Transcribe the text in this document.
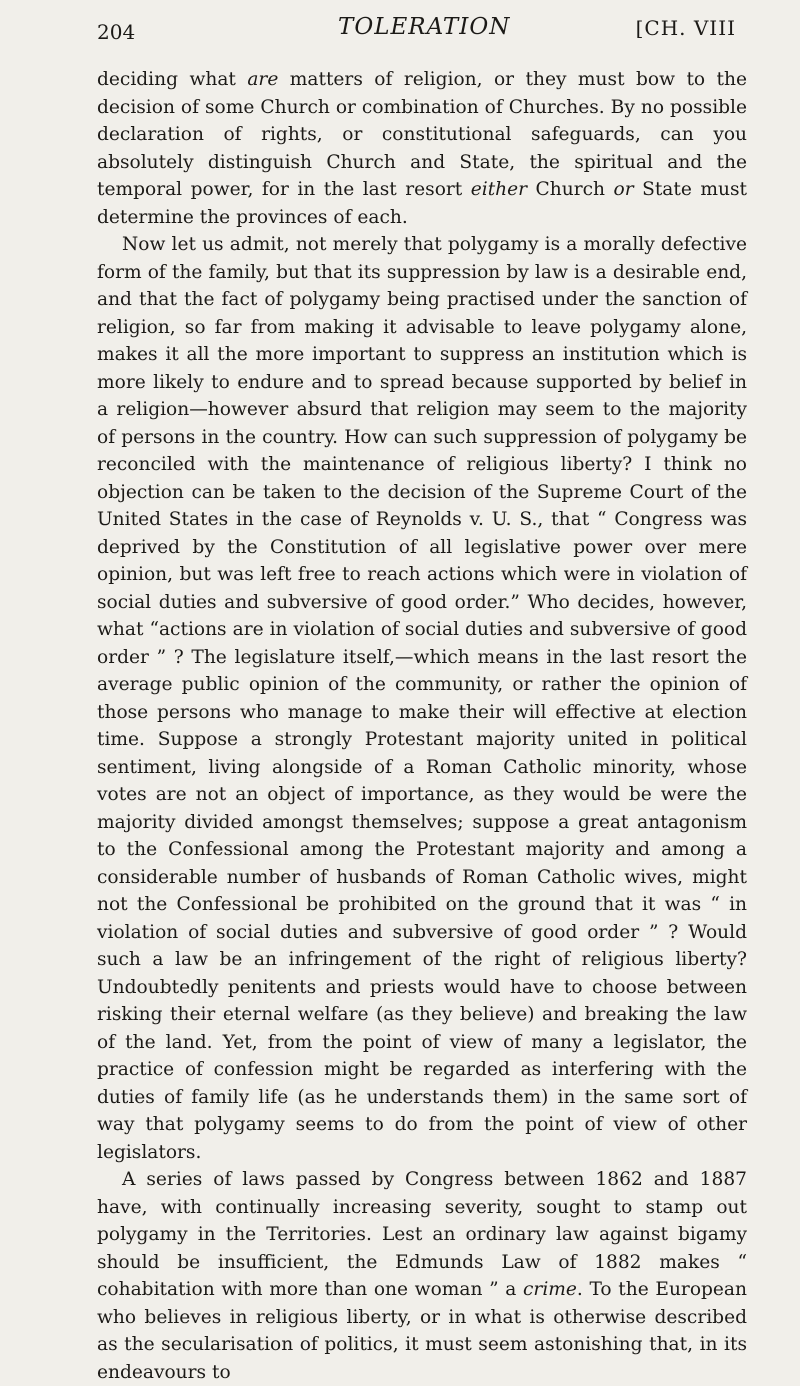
204	TOLERATION	[CH. VIII

deciding what are matters of religion, or they must bow to the decision of some Church or combination of Churches. By no possible declaration of rights, or constitutional safeguards, can you absolutely distinguish Church and State, the spiritual and the temporal power, for in the last resort either Church or State must determine the provinces of each.

Now let us admit, not merely that polygamy is a morally defective form of the family, but that its suppression by law is a desirable end, and that the fact of polygamy being practised under the sanction of religion, so far from making it advisable to leave polygamy alone, makes it all the more important to suppress an institution which is more likely to endure and to spread because supported by belief in a religion—however absurd that religion may seem to the majority of persons in the country. How can such suppression of polygamy be reconciled with the maintenance of religious liberty? I think no objection can be taken to the decision of the Supreme Court of the United States in the case of Reynolds v. U. S., that “ Congress was deprived by the Constitution of all legislative power over mere opinion, but was left free to reach actions which were in violation of social duties and subversive of good order.” Who decides, however, what “actions are in violation of social duties and subversive of good order ” ? The legislature itself,—which means in the last resort the average public opinion of the community, or rather the opinion of those persons who manage to make their will effective at election time. Suppose a strongly Protestant majority united in political sentiment, living alongside of a Roman Catholic minority, whose votes are not an object of importance, as they would be were the majority divided amongst themselves; suppose a great antagonism to the Confessional among the Protestant majority and among a considerable number of husbands of Roman Catholic wives, might not the Confessional be prohibited on the ground that it was “ in violation of social duties and subversive of good order ” ? Would such a law be an infringement of the right of religious liberty? Undoubtedly penitents and priests would have to choose between risking their eternal welfare (as they believe) and breaking the law of the land. Yet, from the point of view of many a legislator, the practice of confession might be regarded as interfering with the duties of family life (as he understands them) in the same sort of way that polygamy seems to do from the point of view of other legislators.

A series of laws passed by Congress between 1862 and 1887 have, with continually increasing severity, sought to stamp out polygamy in the Territories. Lest an ordinary law against bigamy should be insufficient, the Edmunds Law of 1882 makes “ cohabitation with more than one woman ” a crime. To the European who believes in religious liberty, or in what is otherwise described as the secularisation of politics, it must seem astonishing that, in its endeavours to
